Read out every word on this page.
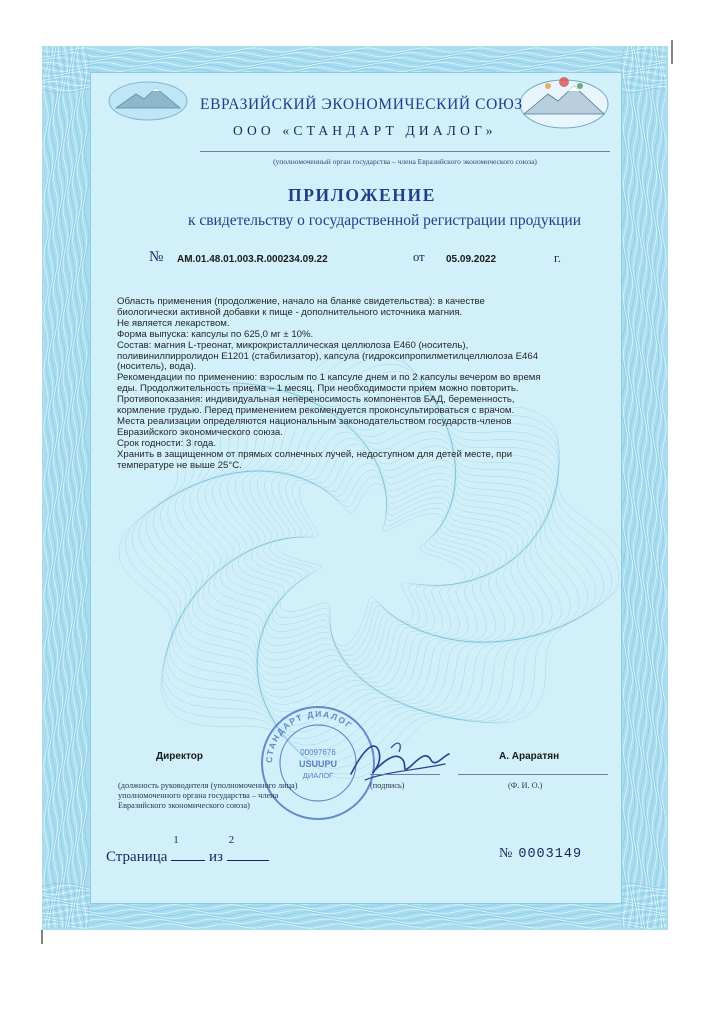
ЕВРАЗИЙСКИЙ ЭКОНОМИЧЕСКИЙ СОЮЗ
ООО «СТАНДАРТ ДИАЛОГ»
(уполномоченный орган государства – члена Евразийского экономического союза)
ПРИЛОЖЕНИЕ
к свидетельству о государственной регистрации продукции
№ AM.01.48.01.003.R.000234.09.22	от 05.09.2022	г.
Область применения (продолжение, начало на бланке свидетельства): в качестве
биологически активной добавки к пище - дополнительного источника магния.
Не является лекарством.
Форма выпуска: капсулы по 625,0 мг ± 10%.
Состав: магния L-треонат, микрокристаллическая целлюлоза E460 (носитель),
поливинилпирролидон E1201 (стабилизатор), капсула (гидроксипропилметилцеллюлоза E464
(носитель), вода).
Рекомендации по применению: взрослым по 1 капсуле днем и по 2 капсулы вечером во время
еды. Продолжительность приема – 1 месяц. При необходимости прием можно повторить.
Противопоказания: индивидуальная непереносимость компонентов БАД, беременность,
кормление грудью. Перед применением рекомендуется проконсультироваться с врачом.
Места реализации определяются национальным законодательством государств-членов
Евразийского экономического союза.
Срок годности: 3 года.
Хранить в защищенном от прямых солнечных лучей, недоступном для детей месте, при
температуре не выше 25°С.
СТАНДАРТ ДИАЛОГ
00097676
USUUPU
ДИАЛОГ
Директор	А. Араратян
(должность руководителя (уполномоченного лица) уполномоченного органа государства – члена Евразийского экономического союза)
(подпись)	(Ф. И. О.)
Страница
1
из
2
№ 0003149
